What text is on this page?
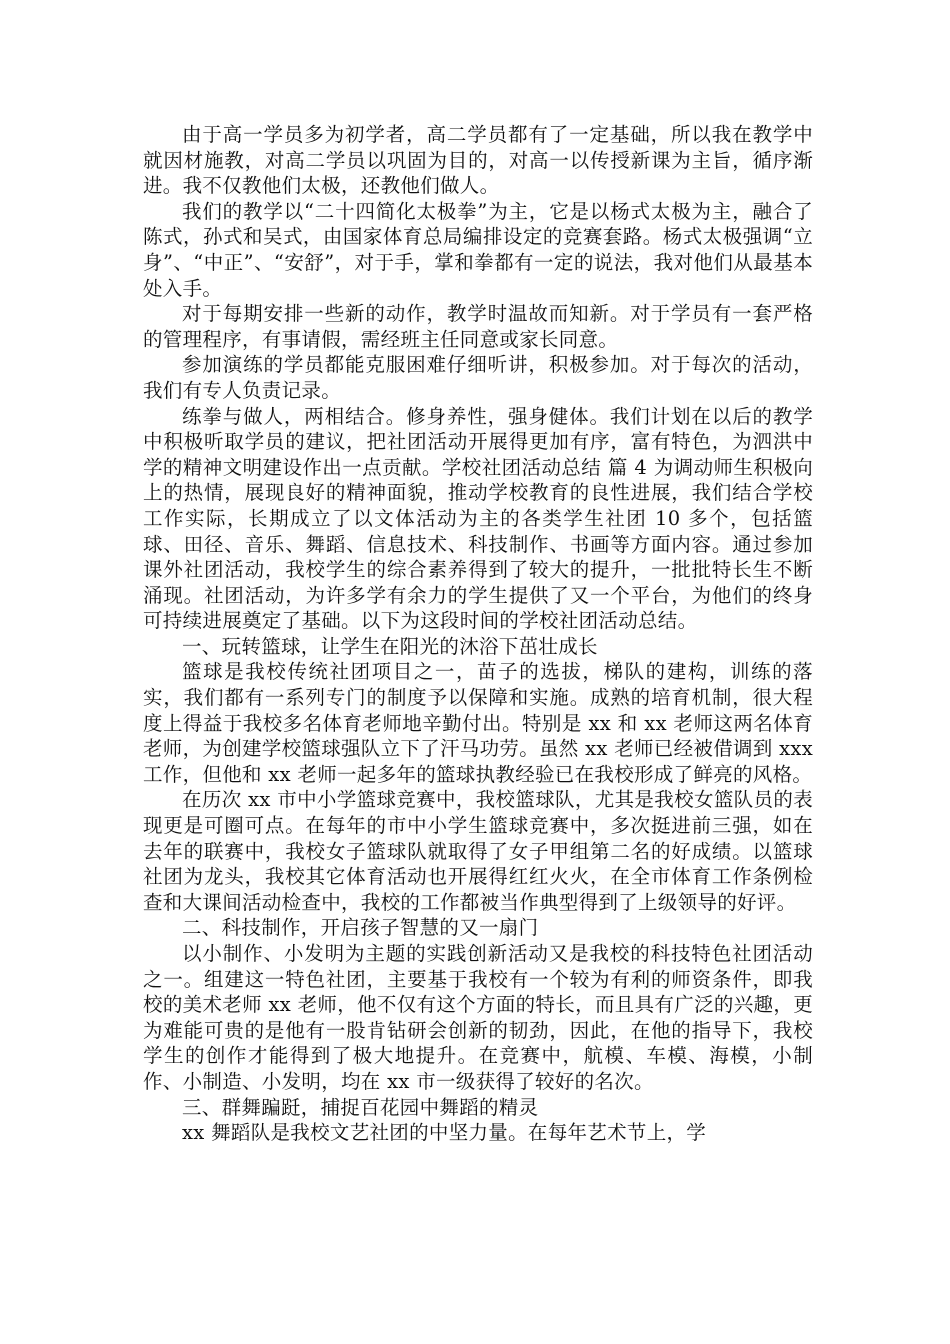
由于高一学员多为初学者，高二学员都有了一定基础，所以我在教学中就因材施教，对高二学员以巩固为目的，对高一以传授新课为主旨，循序渐进。我不仅教他们太极，还教他们做人。

我们的教学以“二十四简化太极拳”为主，它是以杨式太极为主，融合了陈式，孙式和吴式，由国家体育总局编排设定的竞赛套路。杨式太极强调“立身”、“中正”、“安舒”，对于手，掌和拳都有一定的说法，我对他们从最基本处入手。

对于每期安排一些新的动作，教学时温故而知新。对于学员有一套严格的管理程序，有事请假，需经班主任同意或家长同意。

参加演练的学员都能克服困难仔细听讲，积极参加。对于每次的活动，我们有专人负责记录。

练拳与做人，两相结合。修身养性，强身健体。我们计划在以后的教学中积极听取学员的建议，把社团活动开展得更加有序，富有特色，为泗洪中学的精神文明建设作出一点贡献。学校社团活动总结 篇 4 为调动师生积极向上的热情，展现良好的精神面貌，推动学校教育的良性进展，我们结合学校工作实际，长期成立了以文体活动为主的各类学生社团 10 多个，包括篮球、田径、音乐、舞蹈、信息技术、科技制作、书画等方面内容。通过参加课外社团活动，我校学生的综合素养得到了较大的提升，一批批特长生不断涌现。社团活动，为许多学有余力的学生提供了又一个平台，为他们的终身可持续进展奠定了基础。以下为这段时间的学校社团活动总结。

一、玩转篮球，让学生在阳光的沐浴下茁壮成长

篮球是我校传统社团项目之一，苗子的选拔，梯队的建构，训练的落实，我们都有一系列专门的制度予以保障和实施。成熟的培育机制，很大程度上得益于我校多名体育老师地辛勤付出。特别是 xx 和 xx 老师这两名体育老师，为创建学校篮球强队立下了汗马功劳。虽然 xx 老师已经被借调到 xxx 工作，但他和 xx 老师一起多年的篮球执教经验已在我校形成了鲜亮的风格。

在历次 xx 市中小学篮球竞赛中，我校篮球队，尤其是我校女篮队员的表现更是可圈可点。在每年的市中小学生篮球竞赛中，多次挺进前三强，如在去年的联赛中，我校女子篮球队就取得了女子甲组第二名的好成绩。以篮球社团为龙头，我校其它体育活动也开展得红红火火，在全市体育工作条例检查和大课间活动检查中，我校的工作都被当作典型得到了上级领导的好评。

二、科技制作，开启孩子智慧的又一扇门

以小制作、小发明为主题的实践创新活动又是我校的科技特色社团活动之一。组建这一特色社团，主要基于我校有一个较为有利的师资条件，即我校的美术老师 xx 老师，他不仅有这个方面的特长，而且具有广泛的兴趣，更为难能可贵的是他有一股肯钻研会创新的韧劲，因此，在他的指导下，我校学生的创作才能得到了极大地提升。在竞赛中，航模、车模、海模，小制作、小制造、小发明，均在 xx 市一级获得了较好的名次。

三、群舞蹁跹，捕捉百花园中舞蹈的精灵

xx 舞蹈队是我校文艺社团的中坚力量。在每年艺术节上，学
